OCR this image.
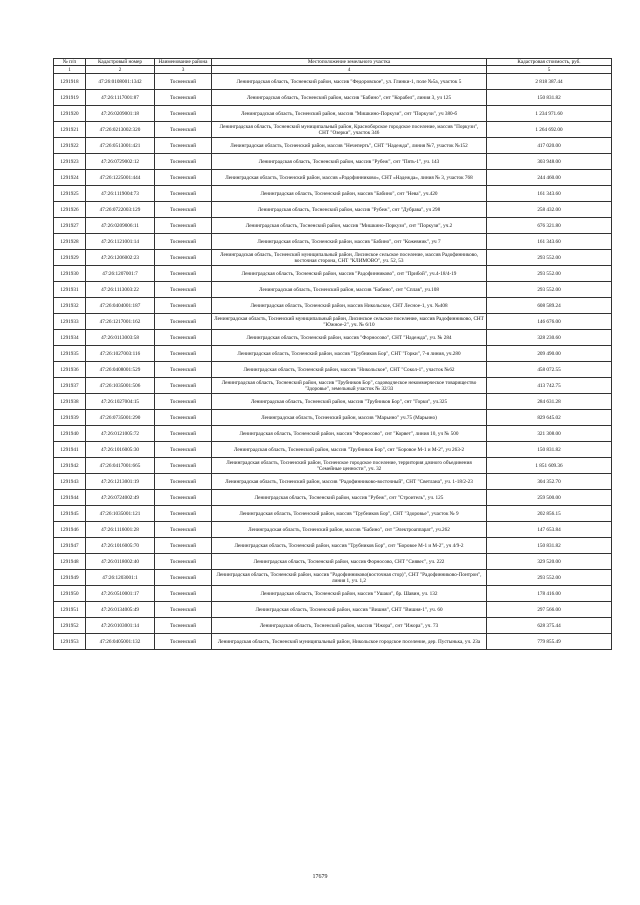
№ п/п	Кадастровый номер	Наименование района	Местоположение земельного участка	Кадастровая стоимость, руб.
1	2	3	4	5
1291918	47:26:0108001:1342	Тосненский	Ленинградская область, Тосненский район, массив "Федоровское", ул. Глинки-1, поле №5а, участок 5	2 818 387.44
1291919	47:26:1117001:87	Тосненский	Ленинградская область, Тосненский район, массив "Бабино", снт "Корабел", линия 3, уч 125	150 831.82
1291920	47:26:0209001:18	Тосненский	Ленинградская область, Тосненский район, массив "Мишкино-Поркузи", снт "Поркузи", уч 380-б	1 234 971.60
1291921	47:26:0213002:320	Тосненский	Ленинградская область, Тосненский муниципальный район, Красноборское городское поселение, массив "Поркузи", СНТ "Озерки", участок 346	1 264 692.00
1291922	47:26:0513001:421	Тосненский	Ленинградская область, Тосненский район, массив "Нечеперть", СНТ "Надежда", линия №7, участок №152	417 020.00
1291923	47:26:0729002:12	Тосненский	Ленинградская область, Тосненский район, массив "Рубеж", снт "Пять-1", уч. 143	303 948.00
1291924	47:26:1225001:444	Тосненский	Ленинградская область, Тосненский район, массив «Радофинниково», СНТ «Надежда», линия № 3, участок 768	244 460.00
1291925	47:26:1119004:73	Тосненский	Ленинградская область, Тосненский район, массив "Бабино", снт "Нева", уч.420	161 343.60
1291926	47:26:0722003:129	Тосненский	Ленинградская область, Тосненский район, массив "Рубеж", снт "Дубрава", уч 298	258 432.00
1291927	47:26:0209006:11	Тосненский	Ленинградская область, Тосненский район, массив "Мишкино-Поркузи", снт "Поркузи", уч.2	676 321.80
1291928	47:26:1121001:14	Тосненский	Ленинградская область, Тосненский район, массив "Бабино", снт "Кожевник", уч 7	161 343.60
1291929	47:26:1206002:23	Тосненский	Ленинградская область, Тосненский муниципальный район, Лисинское сельское поселение, массив Радофинниково, восточная сторона, СНТ "КЛИМОВО", уч. 52, 53	293 552.00
1291930	47:26:1207001:7	Тосненский	Ленинградская область, Тосненский район, массив "Радофинниково", снт "Прибой", уч.4-18/4-19	293 552.00
1291931	47:26:1113003:22	Тосненский	Ленинградская область, Тосненский район, массив "Бабино", снт "Сплав", уч.108	293 552.00
1291932	47:26:0404001:187	Тосненский	Ленинградская область, Тосненский район, массив Никольское, СНТ Лесное-1, уч. №408	608 589.24
1291933	47:26:1217001:162	Тосненский	Ленинградская область, Тосненский муниципальный район, Лисинское сельское поселение, массив Радофинниково, СНТ "Южное-2", уч. № 6/10	146 676.00
1291934	47:26:0113003:58	Тосненский	Ленинградская область, Тосненский район, массив "Форносово", СНТ "Надежда", уч. № 284	328 230.60
1291935	47:26:1027003:116	Тосненский	Ленинградская область, Тосненский район, массив "Трубников Бор", СНТ "Горки", 7-я линия, уч.280	209 490.00
1291936	47:26:0408001:529	Тосненский	Ленинградская область, Тосненский район, массив "Никольское", СНТ "Сокол-1", участок №62	458 072.55
1291937	47:26:1035001:506	Тосненский	Ленинградская область, Тосненский район, массив "Трубников Бор", садоводческое некоммерческое товарищество "Здоровье", земельный участок № 32/33	413 742.75
1291938	47:26:1027004:15	Тосненский	Ленинградская область, Тосненский район, массив "Трубников Бор", снт "Горки", уч.325	284 631.28
1291939	47:26:0735001:290	Тосненский	Ленинградская область, Тосненский район, массив "Марьино" уч.75 (Марьино)	829 645.02
1291940	47:26:0121005:72	Тосненский	Ленинградская область, Тосненский район, массив "Форносово", снт "Корвет", линия 10, уч № 500	321 308.00
1291941	47:26:1016005:30	Тосненский	Ленинградская область, Тосненский район, массив "Трубников Бор", снт "Боровое М-1 и М-2", уч 263-2	150 831.82
1291942	47:26:0417001:665	Тосненский	Ленинградская область, Тосненский район, Тосненское городское поселение, территория дачного объединения "Семейные ценности", уч. 32	1 851 609.36
1291943	47:26:1213001:19	Тосненский	Ленинградская область, Тосненский район, массив "Радофинниково-восточный", СНТ "Светлана", уч. 1-18/2-23	304 352.70
1291944	47:26:0724002:49	Тосненский	Ленинградская область, Тосненский район, массив "Рубеж", снт "Строитель", уч. 125	259 500.00
1291945	47:26:1035001:121	Тосненский	Ленинградская область, Тосненский район, массив "Трубников Бор", СНТ "Здоровье", участок № 9	202 856.15
1291946	47:26:1116001:28	Тосненский	Ленинградская область, Тосненский район, массив "Бабино", снт "Электроаппарат", уч.262	147 653.84
1291947	47:26:1016005:70	Тосненский	Ленинградская область, Тосненский район, массив "Трубников Бор", снт "Боровое М-1 и М-2", уч 4/9-2	150 831.82
1291948	47:26:0118002:40	Тосненский	Ленинградская область, Тосненский район, массив Форносово, СНТ "Сиявес", уч. 222	329 520.00
1291949	47:26:1203001:1	Тосненский	Ленинградская область, Тосненский район, массив "Радофинниково(восточная стор)", СНТ "Радофинниково-Понтрон", линия 1, уч. 1,2	293 552.00
1291950	47:26:0510001:17	Тосненский	Ленинградская область, Тосненский район, массив "Ушаки", бр. Шавин, уч. 132	178 416.00
1291951	47:26:0134005:49	Тосненский	Ленинградская область, Тосненский район, массив "Вишня", СНТ "Вишня-1", уч. 60	297 566.00
1291952	47:26:0103001:14	Тосненский	Ленинградская область, Тосненский район, массив "Ижора", снт "Ижора", уч. 73	628 375.44
1291953	47:26:0405001:132	Тосненский	Ленинградская область, Тосненский муниципальный район, Никольское городское поселение, дер. Пустынька, уч. 23а	779 855.49
17679
